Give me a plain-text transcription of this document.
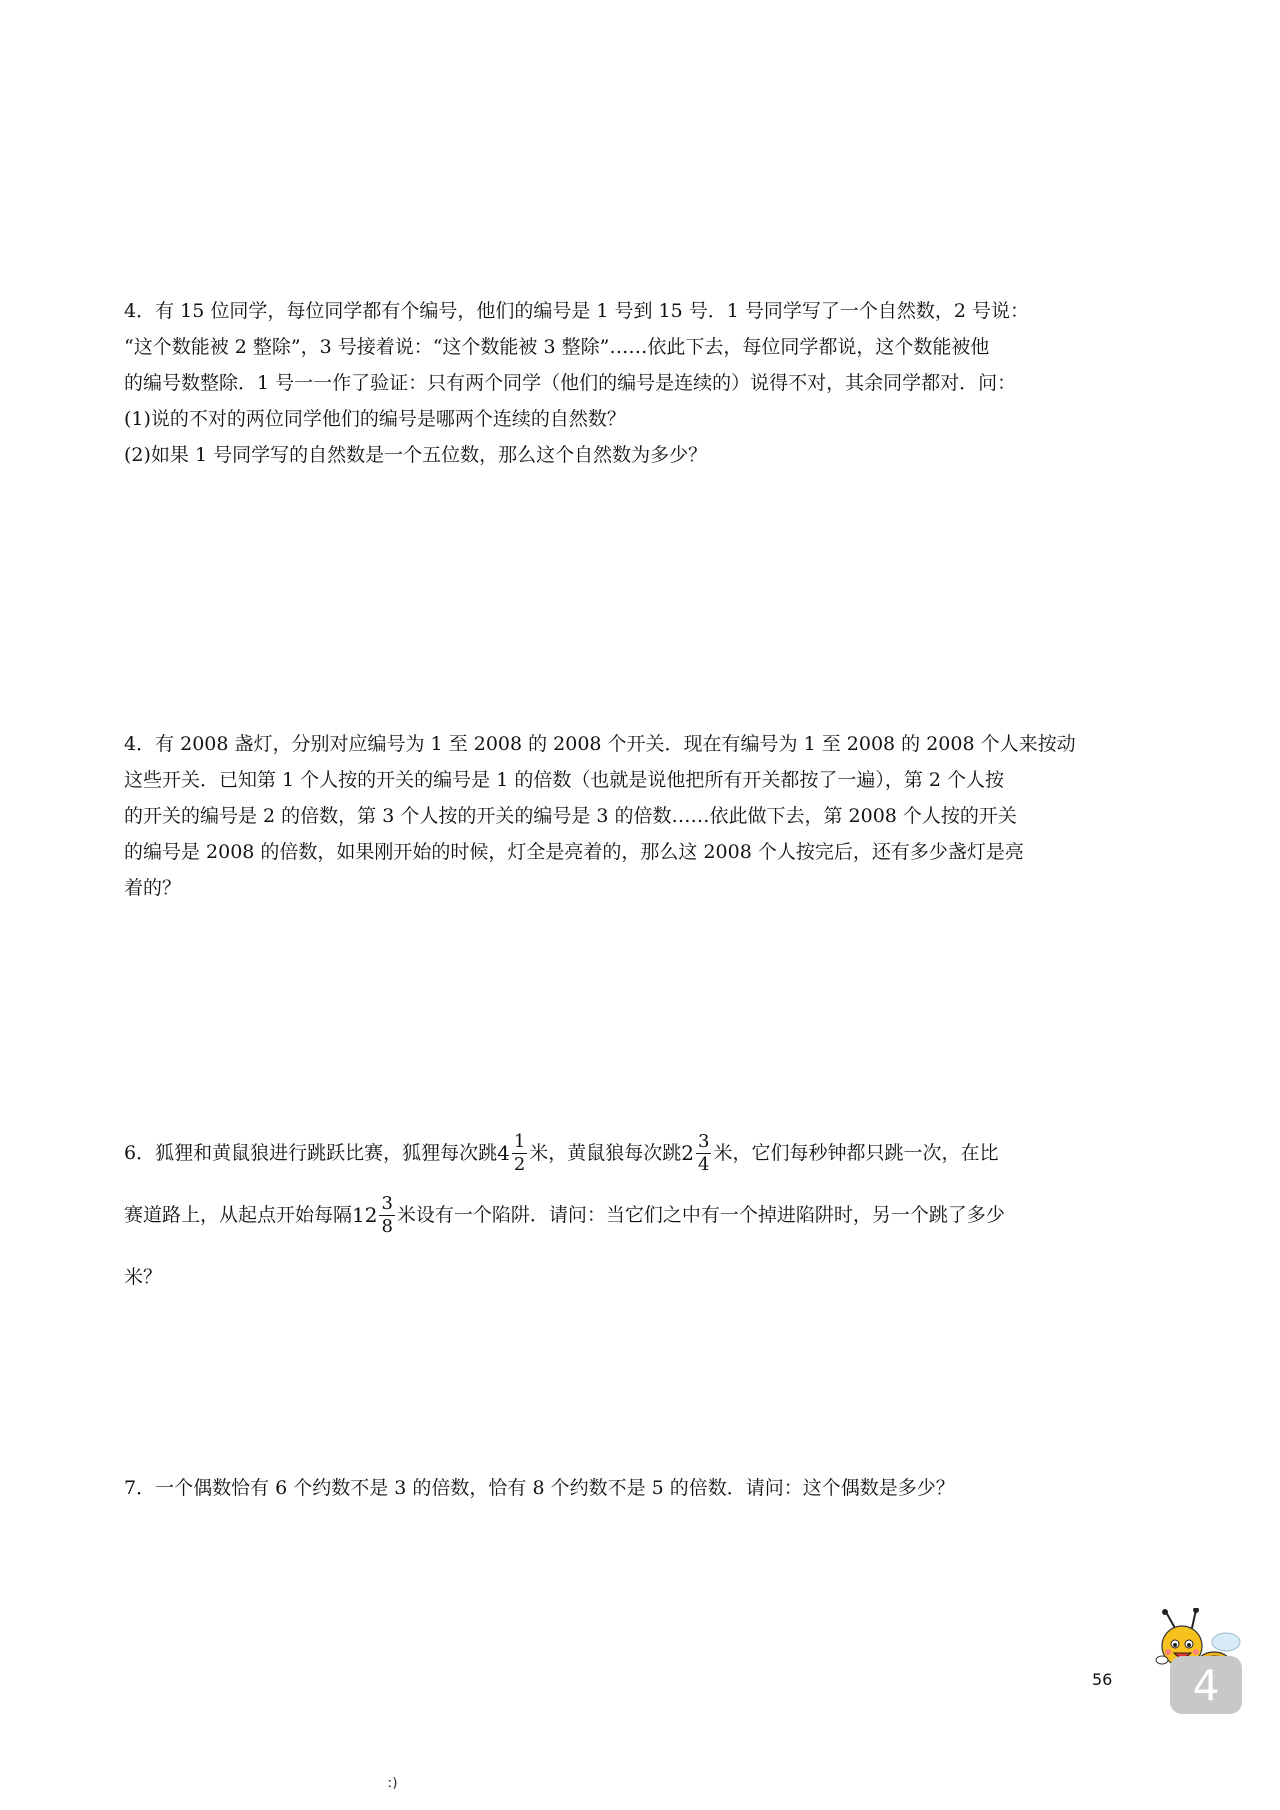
4．有 15 位同学，每位同学都有个编号，他们的编号是 1 号到 15 号．1 号同学写了一个自然数，2 号说：

“这个数能被 2 整除”，3 号接着说：“这个数能被 3 整除”……依此下去，每位同学都说，这个数能被他

的编号数整除．1 号一一作了验证：只有两个同学（他们的编号是连续的）说得不对，其余同学都对．问：

(1)说的不对的两位同学他们的编号是哪两个连续的自然数？

(2)如果 1 号同学写的自然数是一个五位数，那么这个自然数为多少？

4．有 2008 盏灯，分别对应编号为 1 至 2008 的 2008 个开关．现在有编号为 1 至 2008 的 2008 个人来按动

这些开关．已知第 1 个人按的开关的编号是 1 的倍数（也就是说他把所有开关都按了一遍），第 2 个人按

的开关的编号是 2 的倍数，第 3 个人按的开关的编号是 3 的倍数……依此做下去，第 2008 个人按的开关

的编号是 2008 的倍数，如果刚开始的时候，灯全是亮着的，那么这 2008 个人按完后，还有多少盏灯是亮

着的？

6．狐狸和黄鼠狼进行跳跃比赛，狐狸每次跳 $4 \frac{1}{2}$ 米，黄鼠狼每次跳 $2 \frac{3}{4}$ 米，它们每秒钟都只跳一次，在比
赛道路上，从起点开始每隔 $12 \frac{3}{8}$ 米设有一个陷阱．请问：当它们之中有一个掉进陷阱时，另一个跳了多少
米？

7．一个偶数恰有 6 个约数不是 3 的倍数，恰有 8 个约数不是 5 的倍数．请问：这个偶数是多少？

56	4
ː)
